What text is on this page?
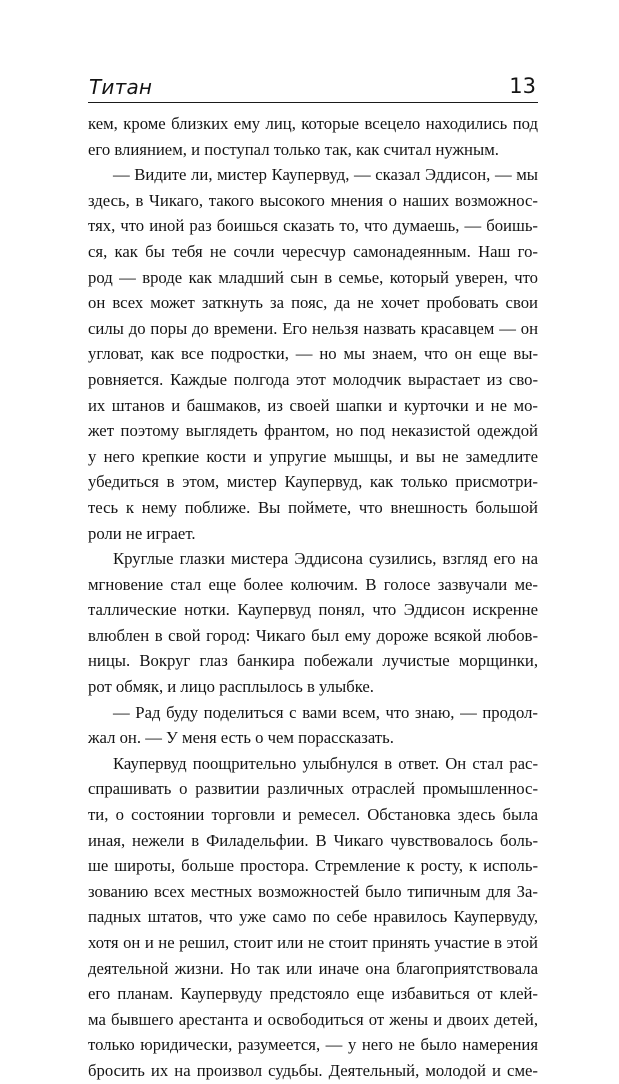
Титан	13
кем, кроме близких ему лиц, которые всецело находились под
его влиянием, и поступал только так, как считал нужным.
— Видите ли, мистер Каупервуд, — сказал Эддисон, — мы
здесь, в Чикаго, такого высокого мнения о наших возможнос-
тях, что иной раз боишься сказать то, что думаешь, — боишь-
ся, как бы тебя не сочли чересчур самонадеянным. Наш го-
род — вроде как младший сын в семье, который уверен, что
он всех может заткнуть за пояс, да не хочет пробовать свои
силы до поры до времени. Его нельзя назвать красавцем — он
угловат, как все подростки, — но мы знаем, что он еще вы-
ровняется. Каждые полгода этот молодчик вырастает из сво-
их штанов и башмаков, из своей шапки и курточки и не мо-
жет поэтому выглядеть франтом, но под неказистой одеждой
у него крепкие кости и упругие мышцы, и вы не замедлите
убедиться в этом, мистер Каупервуд, как только присмотри-
тесь к нему поближе. Вы поймете, что внешность большой
роли не играет.
Круглые глазки мистера Эддисона сузились, взгляд его на
мгновение стал еще более колючим. В голосе зазвучали ме-
таллические нотки. Каупервуд понял, что Эддисон искренне
влюблен в свой город: Чикаго был ему дороже всякой любов-
ницы. Вокруг глаз банкира побежали лучистые морщинки,
рот обмяк, и лицо расплылось в улыбке.
— Рад буду поделиться с вами всем, что знаю, — продол-
жал он. — У меня есть о чем порассказать.
Каупервуд поощрительно улыбнулся в ответ. Он стал рас-
спрашивать о развитии различных отраслей промышленнос-
ти, о состоянии торговли и ремесел. Обстановка здесь была
иная, нежели в Филадельфии. В Чикаго чувствовалось боль-
ше широты, больше простора. Стремление к росту, к исполь-
зованию всех местных возможностей было типичным для За-
падных штатов, что уже само по себе нравилось Каупервуду,
хотя он и не решил, стоит или не стоит принять участие в этой
деятельной жизни. Но так или иначе она благоприятствовала
его планам. Каупервуду предстояло еще избавиться от клей-
ма бывшего арестанта и освободиться от жены и двоих детей,
только юридически, разумеется, — у него не было намерения
бросить их на произвол судьбы. Деятельный, молодой и сме-
